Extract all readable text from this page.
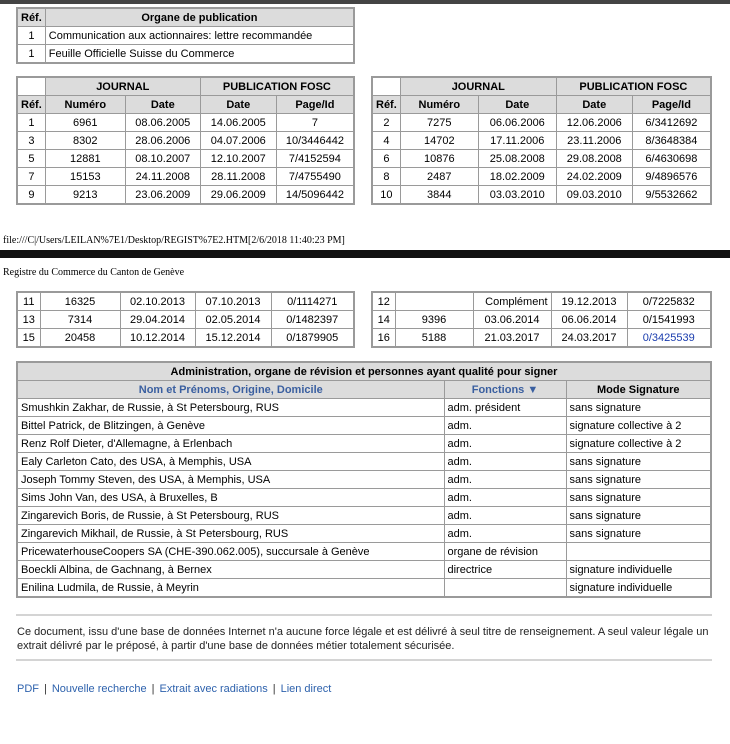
Réf.	Organe de publication
1	Communication aux actionnaires: lettre recommandée
1	Feuille Officielle Suisse du Commerce
	JOURNAL		PUBLICATION FOSC	
Réf.	Numéro	Date	Date	Page/Id
1	6961	08.06.2005	14.06.2005	7
3	8302	28.06.2006	04.07.2006	10/3446442
5	12881	08.10.2007	12.10.2007	7/4152594
7	15153	24.11.2008	28.11.2008	7/4755490
9	9213	23.06.2009	29.06.2009	14/5096442
	JOURNAL		PUBLICATION FOSC	
Réf.	Numéro	Date	Date	Page/Id
2	7275	06.06.2006	12.06.2006	6/3412692
4	14702	17.11.2006	23.11.2006	8/3648384
6	10876	25.08.2008	29.08.2008	6/4630698
8	2487	18.02.2009	24.02.2009	9/4896576
10	3844	03.03.2010	09.03.2010	9/5532662
file:///C|/Users/LEILAN%7E1/Desktop/REGIST%7E2.HTM[2/6/2018 11:40:23 PM]
Registre du Commerce du Canton de Genève
11	16325	02.10.2013	07.10.2013	0/1114271
13	7314	29.04.2014	02.05.2014	0/1482397
15	20458	10.12.2014	15.12.2014	0/1879905
12		Complément	19.12.2013	0/7225832
14	9396	03.06.2014	06.06.2014	0/1541993
16	5188	21.03.2017	24.03.2017	0/3425539
Administration, organe de révision et personnes ayant qualité pour signer		
Nom et Prénoms, Origine, Domicile	Fonctions ▼	Mode Signature
Smushkin Zakhar, de Russie, à St Petersbourg, RUS	adm. président	sans signature
Bittel Patrick, de Blitzingen, à Genève	adm.	signature collective à 2
Renz Rolf Dieter, d'Allemagne, à Erlenbach	adm.	signature collective à 2
Ealy Carleton Cato, des USA, à Memphis, USA	adm.	sans signature
Joseph Tommy Steven, des USA, à Memphis, USA	adm.	sans signature
Sims John Van, des USA, à Bruxelles, B	adm.	sans signature
Zingarevich Boris, de Russie, à St Petersbourg, RUS	adm.	sans signature
Zingarevich Mikhail, de Russie, à St Petersbourg, RUS	adm.	sans signature
PricewaterhouseCoopers SA (CHE-390.062.005), succursale à Genève	organe de révision	
Boeckli Albina, de Gachnang, à Bernex	directrice	signature individuelle
Enilina Ludmila, de Russie, à Meyrin		signature individuelle
Ce document, issu d'une base de données Internet n'a aucune force légale et est délivré à seul titre de renseignement. A seul valeur légale un extrait délivré par le préposé, à partir d'une base de données métier totalement sécurisée.
PDF | Nouvelle recherche | Extrait avec radiations | Lien direct
